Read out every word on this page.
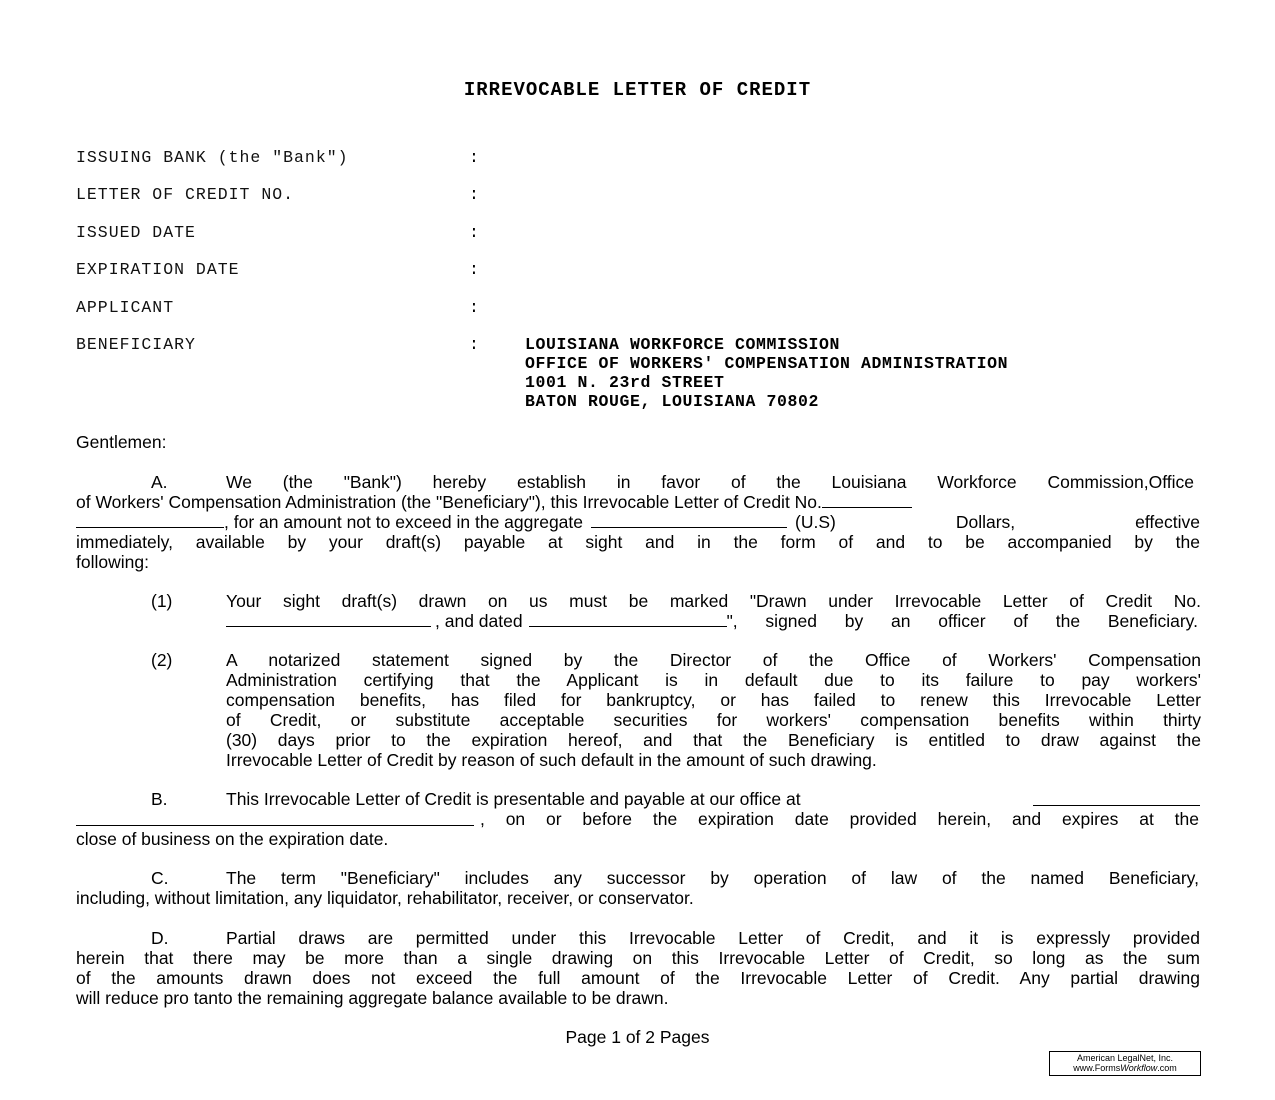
IRREVOCABLE LETTER OF CREDIT
ISSUING BANK (the "Bank")	:
LETTER OF CREDIT NO.	:
ISSUED DATE	:
EXPIRATION DATE	:
APPLICANT	:
BENEFICIARY	:	LOUISIANA WORKFORCE COMMISSION
OFFICE OF WORKERS' COMPENSATION ADMINISTRATION
1001 N. 23rd STREET
BATON ROUGE, LOUISIANA 70802
Gentlemen:
A.	We (the "Bank") hereby establish in favor of the Louisiana Workforce Commission,Office
of Workers' Compensation Administration (the "Beneficiary"), this Irrevocable Letter of Credit No.
, for an amount not to exceed in the aggregate	(U.S) Dollars, effective
immediately, available by your draft(s) payable at sight and in the form of and to be accompanied by the
following:
(1)	Your sight draft(s) drawn on us must be marked "Drawn under Irrevocable Letter of Credit No.
, and dated	", signed by an officer of the Beneficiary.
(2)	A notarized statement signed by the Director of the Office of Workers' Compensation
Administration certifying that the Applicant is in default due to its failure to pay workers'
compensation benefits, has filed for bankruptcy, or has failed to renew this Irrevocable Letter
of Credit, or substitute acceptable securities for workers' compensation benefits within thirty
(30) days prior to the expiration hereof, and that the Beneficiary is entitled to draw against the
Irrevocable Letter of Credit by reason of such default in the amount of such drawing.
B.	This Irrevocable Letter of Credit is presentable and payable at our office at
, on or before the expiration date provided herein, and expires at the
close of business on the expiration date.
C.	The term "Beneficiary" includes any successor by operation of law of the named Beneficiary,
including, without limitation, any liquidator, rehabilitator, receiver, or conservator.
D.	Partial draws are permitted under this Irrevocable Letter of Credit, and it is expressly provided
herein that there may be more than a single drawing on this Irrevocable Letter of Credit, so long as the sum
of the amounts drawn does not exceed the full amount of the Irrevocable Letter of Credit. Any partial drawing
will reduce pro tanto the remaining aggregate balance available to be drawn.
Page 1 of 2 Pages
American LegalNet, Inc.
www.FormsWorkflow.com
